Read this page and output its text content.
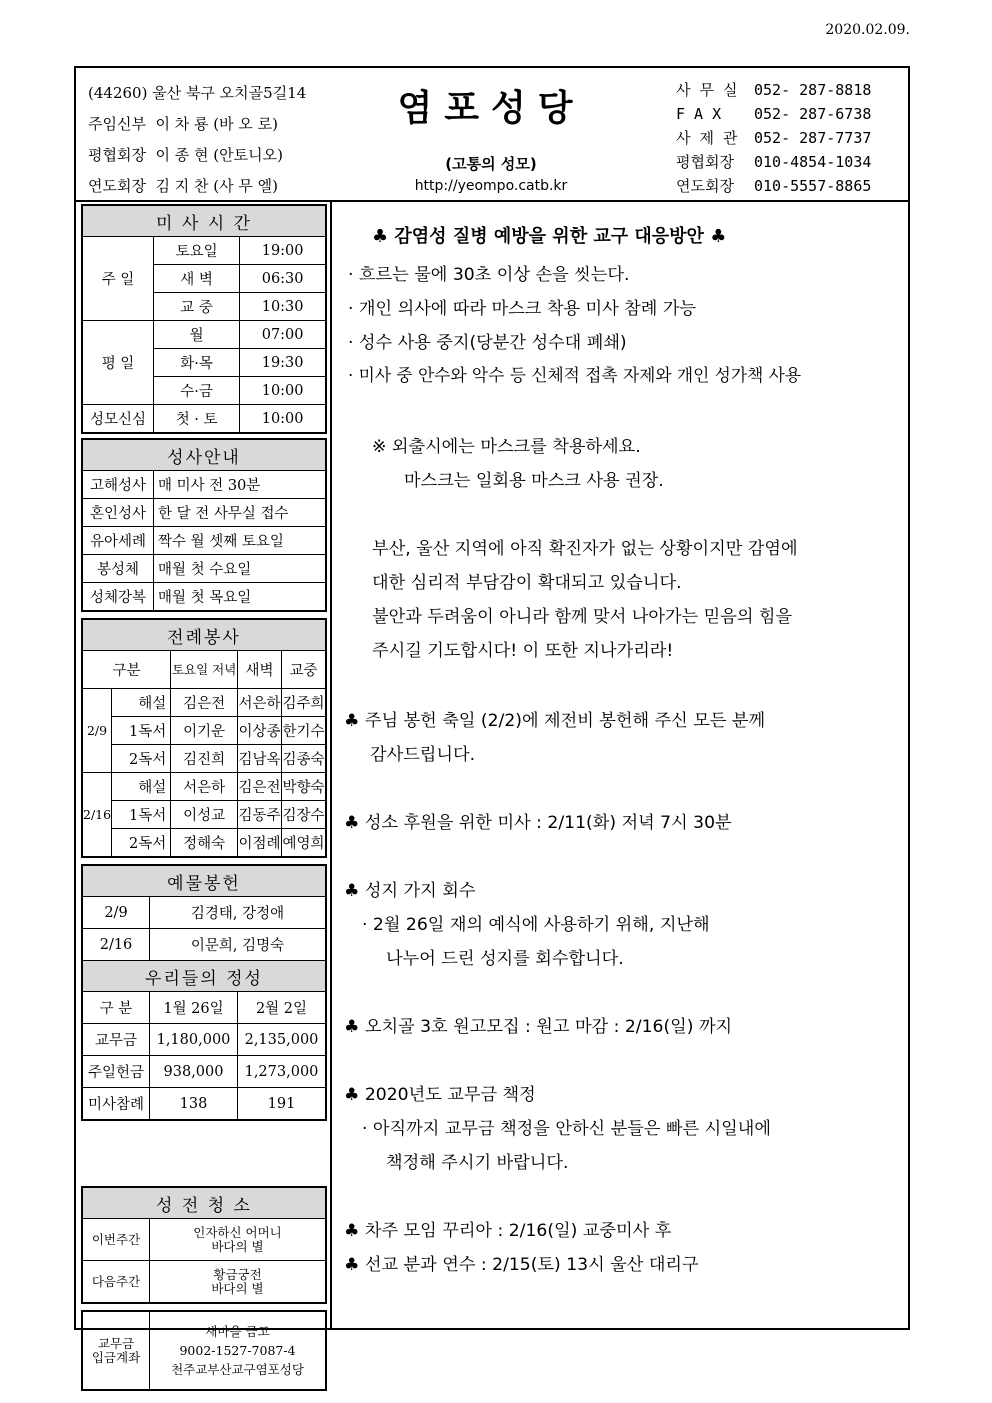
2020.02.09.
(44260) 울산 북구 오치골5길14
주임신부 이 차 룡 (바 오 로)
평협회장 이 종 현 (안토니오)
연도회장 김 지 찬 (사 무 엘)
염포성당
(고통의 성모)
http://yeompo.catb.kr
사 무 실 052- 287-8818
F A X 052- 287-6738
사 제 관 052- 287-7737
평협회장 010-4854-1034
연도회장 010-5557-8865
미 사 시 간		
주 일	토요일	19:00
	새 벽	06:30
	교 중	10:30
평 일	월	07:00
	화·목	19:30
	수·금	10:00
성모신심	첫 · 토	10:00
성사안내	
고해성사	매 미사 전 30분
혼인성사	한 달 전 사무실 접수
유아세례	짝수 월 셋째 토요일
봉성체	매월 첫 수요일
성체강복	매월 첫 목요일
전례봉사				
구분		토요일 저녁	새벽	교중
2/9	해설	김은전	서은하	김주희
	1독서	이기운	이상종	한기수
	2독서	김진희	김남옥	김종숙
2/16	해설	서은하	김은전	박향숙
	1독서	이성교	김동주	김장수
	2독서	정해숙	이점례	예영희
예물봉헌		
2/9	김경태, 강정애	
2/16	이문희, 김명숙	
우리들의 정성		
구 분	1월 26일	2월 2일
교무금	1,180,000	2,135,000
주일헌금	938,000	1,273,000
미사참례	138	191
성 전 청 소	
이번주간	인자하신 어머니
바다의 별

다음주간	황금궁전
바다의 별
교무금
입금계좌

새마을 금고
9002-1527-7087-4
천주교부산교구염포성당
♣ 감염성 질병 예방을 위한 교구 대응방안 ♣
· 흐르는 물에 30초 이상 손을 씻는다.
· 개인 의사에 따라 마스크 착용 미사 참례 가능
· 성수 사용 중지(당분간 성수대 폐쇄)
· 미사 중 안수와 악수 등 신체적 접촉 자제와 개인 성가책 사용
※ 외출시에는 마스크를 착용하세요.
마스크는 일회용 마스크 사용 권장.
부산, 울산 지역에 아직 확진자가 없는 상황이지만 감염에
대한 심리적 부담감이 확대되고 있습니다.
불안과 두려움이 아니라 함께 맞서 나아가는 믿음의 힘을
주시길 기도합시다! 이 또한 지나가리라!
♣ 주님 봉헌 축일 (2/2)에 제전비 봉헌해 주신 모든 분께
감사드립니다.
♣ 성소 후원을 위한 미사 : 2/11(화) 저녁 7시 30분
♣ 성지 가지 회수
· 2월 26일 재의 예식에 사용하기 위해, 지난해
나누어 드린 성지를 회수합니다.
♣ 오치골 3호 원고모집 : 원고 마감 : 2/16(일) 까지
♣ 2020년도 교무금 책정
· 아직까지 교무금 책정을 안하신 분들은 빠른 시일내에
책정해 주시기 바랍니다.
♣ 차주 모임 꾸리아 : 2/16(일) 교중미사 후
♣ 선교 분과 연수 : 2/15(토) 13시 울산 대리구
